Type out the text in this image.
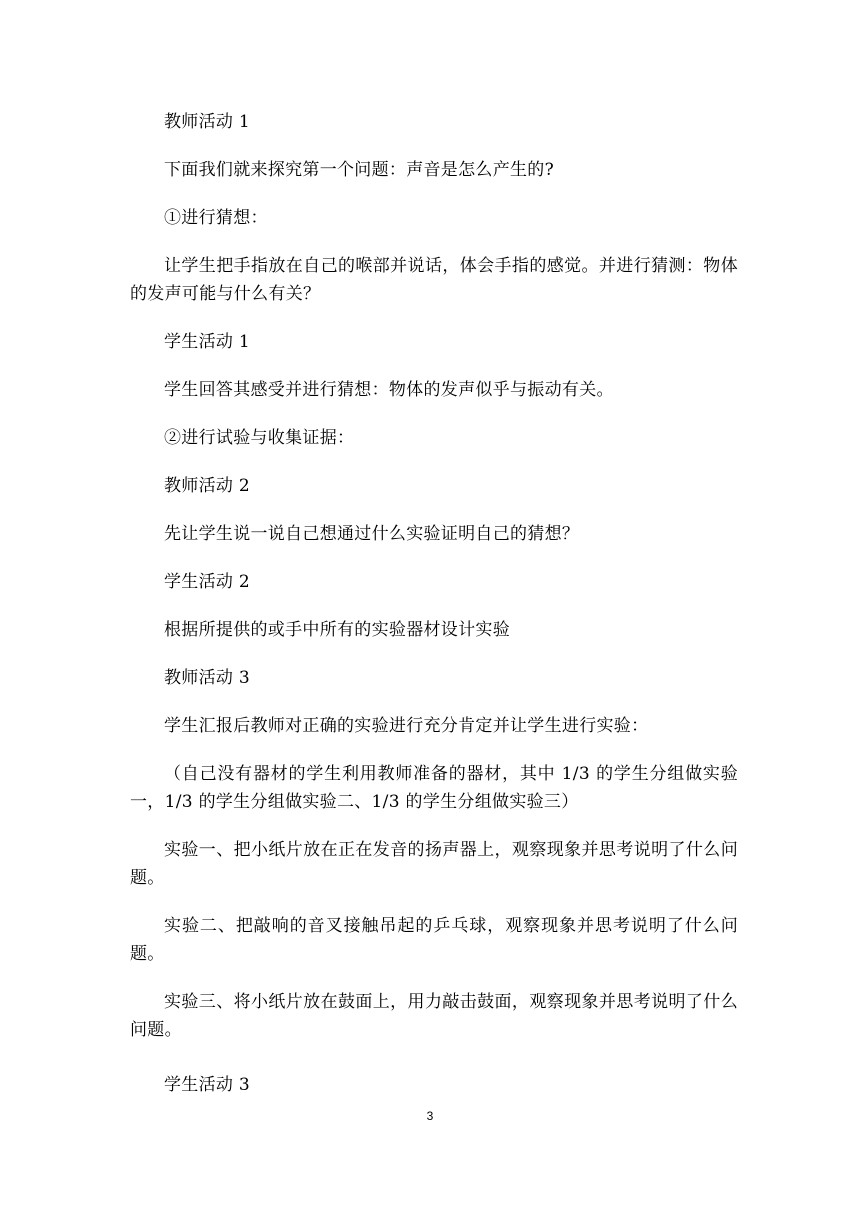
教师活动 1

下面我们就来探究第一个问题：声音是怎么产生的?

①进行猜想：

让学生把手指放在自己的喉部并说话，体会手指的感觉。并进行猜测：物体的发声可能与什么有关？

学生活动 1

学生回答其感受并进行猜想：物体的发声似乎与振动有关。

②进行试验与收集证据：

教师活动 2

先让学生说一说自己想通过什么实验证明自己的猜想？

学生活动 2

根据所提供的或手中所有的实验器材设计实验

教师活动 3

学生汇报后教师对正确的实验进行充分肯定并让学生进行实验：

（自己没有器材的学生利用教师准备的器材，其中 1/3 的学生分组做实验一，1/3 的学生分组做实验二、1/3 的学生分组做实验三）

实验一、把小纸片放在正在发音的扬声器上，观察现象并思考说明了什么问题。

实验二、把敲响的音叉接触吊起的乒乓球，观察现象并思考说明了什么问题。

实验三、将小纸片放在鼓面上，用力敲击鼓面，观察现象并思考说明了什么问题。

学生活动 3

3
